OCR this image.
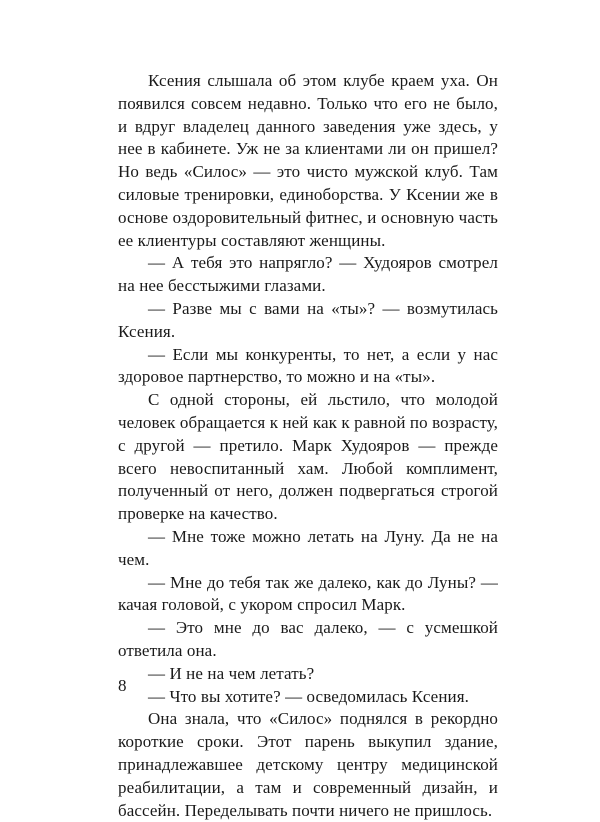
Ксения слышала об этом клубе краем уха. Он появился совсем недавно. Только что его не было, и вдруг владелец данного заведения уже здесь, у нее в кабинете. Уж не за клиентами ли он пришел? Но ведь «Силос» — это чисто мужской клуб. Там силовые тренировки, единоборства. У Ксении же в основе оздоровительный фитнес, и основную часть ее клиентуры составляют женщины.

— А тебя это напрягло? — Худояров смотрел на нее бесстыжими глазами.

— Разве мы с вами на «ты»? — возмутилась Ксения.

— Если мы конкуренты, то нет, а если у нас здоровое партнерство, то можно и на «ты».

С одной стороны, ей льстило, что молодой человек обращается к ней как к равной по возрасту, с другой — претило. Марк Худояров — прежде всего невоспитанный хам. Любой комплимент, полученный от него, должен подвергаться строгой проверке на качество.

— Мне тоже можно летать на Луну. Да не на чем.

— Мне до тебя так же далеко, как до Луны? — качая головой, с укором спросил Марк.

— Это мне до вас далеко, — с усмешкой ответила она.

— И не на чем летать?

— Что вы хотите? — осведомилась Ксения.

Она знала, что «Силос» поднялся в рекордно короткие сроки. Этот парень выкупил здание, принадлежавшее детскому центру медицинской реабилитации, а там и современный дизайн, и бассейн. Переделывать почти ничего не пришлось.

8
